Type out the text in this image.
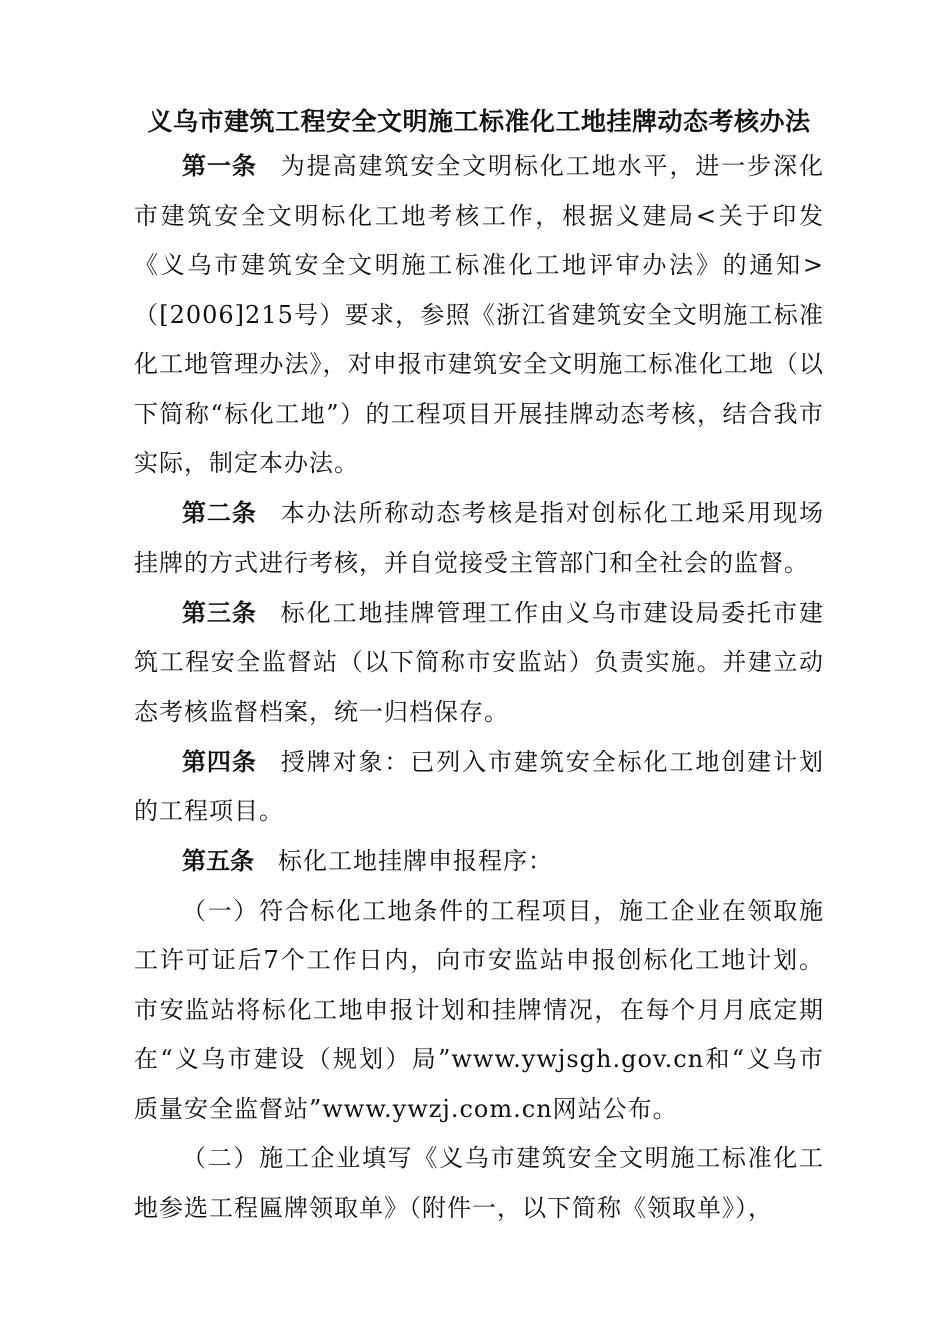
义乌市建筑工程安全文明施工标准化工地挂牌动态考核办法

第一条 为提高建筑安全文明标化工地水平，进一步深化市建筑安全文明标化工地考核工作，根据义建局<关于印发《义乌市建筑安全文明施工标准化工地评审办法》的通知>（[2006]215号）要求，参照《浙江省建筑安全文明施工标准化工地管理办法》，对申报市建筑安全文明施工标准化工地（以下简称“标化工地”）的工程项目开展挂牌动态考核，结合我市实际，制定本办法。

第二条 本办法所称动态考核是指对创标化工地采用现场挂牌的方式进行考核，并自觉接受主管部门和全社会的监督。

第三条 标化工地挂牌管理工作由义乌市建设局委托市建筑工程安全监督站（以下简称市安监站）负责实施。并建立动态考核监督档案，统一归档保存。

第四条 授牌对象：已列入市建筑安全标化工地创建计划的工程项目。

第五条 标化工地挂牌申报程序：

（一）符合标化工地条件的工程项目，施工企业在领取施工许可证后7个工作日内，向市安监站申报创标化工地计划。市安监站将标化工地申报计划和挂牌情况，在每个月月底定期在“义乌市建设（规划）局”www.ywjsgh.gov.cn和“义乌市质量安全监督站”www.ywzj.com.cn网站公布。

（二）施工企业填写《义乌市建筑安全文明施工标准化工地参选工程匾牌领取单》（附件一，以下简称《领取单》），
